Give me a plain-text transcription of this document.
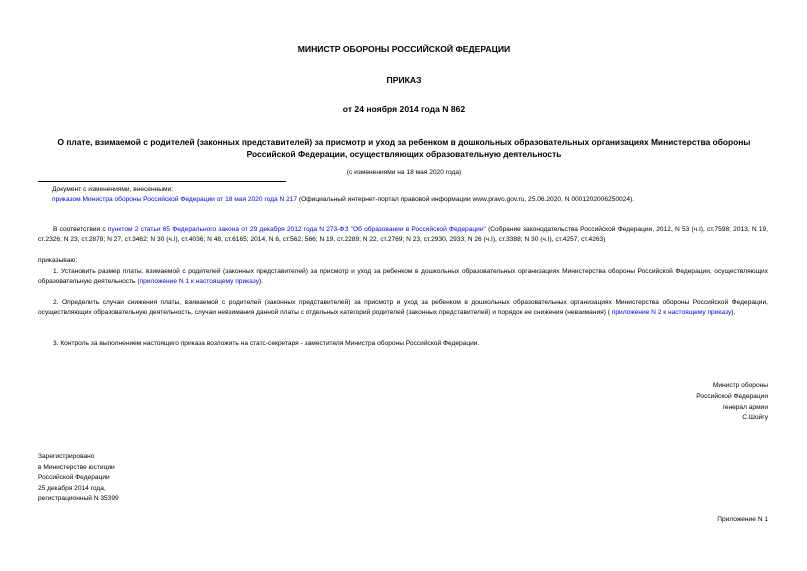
МИНИСТР ОБОРОНЫ РОССИЙСКОЙ ФЕДЕРАЦИИ
ПРИКАЗ
от 24 ноября 2014 года N 862
О плате, взимаемой с родителей (законных представителей) за присмотр и уход за ребенком в дошкольных образовательных организациях Министерства обороны Российской Федерации, осуществляющих образовательную деятельность
(с изменениями на 18 мая 2020 года)
Документ с изменениями, внесенными:
приказом Министра обороны Российской Федерации от 18 мая 2020 года N 217 (Официальный интернет-портал правовой информации www.pravo.gov.ru, 25.06.2020, N 0001202006250024).
В соответствии с пунктом 2 статьи 65 Федерального закона от 29 декабря 2012 года N 273-ФЗ "Об образовании в Российской Федерации" (Собрание законодательства Российской Федерации, 2012, N 53 (ч.I), ст.7598; 2013, N 19, ст.2326; N 23, ст.2878; N 27, ст.3462; N 30 (ч.I), ст.4036; N 48, ст.6165; 2014, N 6, ст.562, 566; N 19, ст.2289; N 22, ст.2769; N 23, ст.2930, 2933; N 26 (ч.I), ст.3388; N 30 (ч.I), ст.4257, ст.4263)
приказываю:
1. Установить размер платы, взимаемой с родителей (законных представителей) за присмотр и уход за ребенком в дошкольных образовательных организациях Министерства обороны Российской Федерации, осуществляющих образовательную деятельность (приложение N 1 к настоящему приказу).
2. Определить случаи снижения платы, взимаемой с родителей (законных представителей) за присмотр и уход за ребенком в дошкольных образовательных организациях Министерства обороны Российской Федерации, осуществляющих образовательную деятельность, случаи невзимания данной платы с отдельных категорий родителей (законных представителей) и порядок ее снижения (невзимания) ( приложение N 2 к настоящему приказу).
3. Контроль за выполнением настоящего приказа возложить на статс-секретаря - заместителя Министра обороны Российской Федерации.
Министр обороны
Российской Федерации
генерал армии
С.Шойгу
Зарегистрировано
в Министерстве юстиции
Российской Федерации
25 декабря 2014 года,
регистрационный N 35399
Приложение N 1
